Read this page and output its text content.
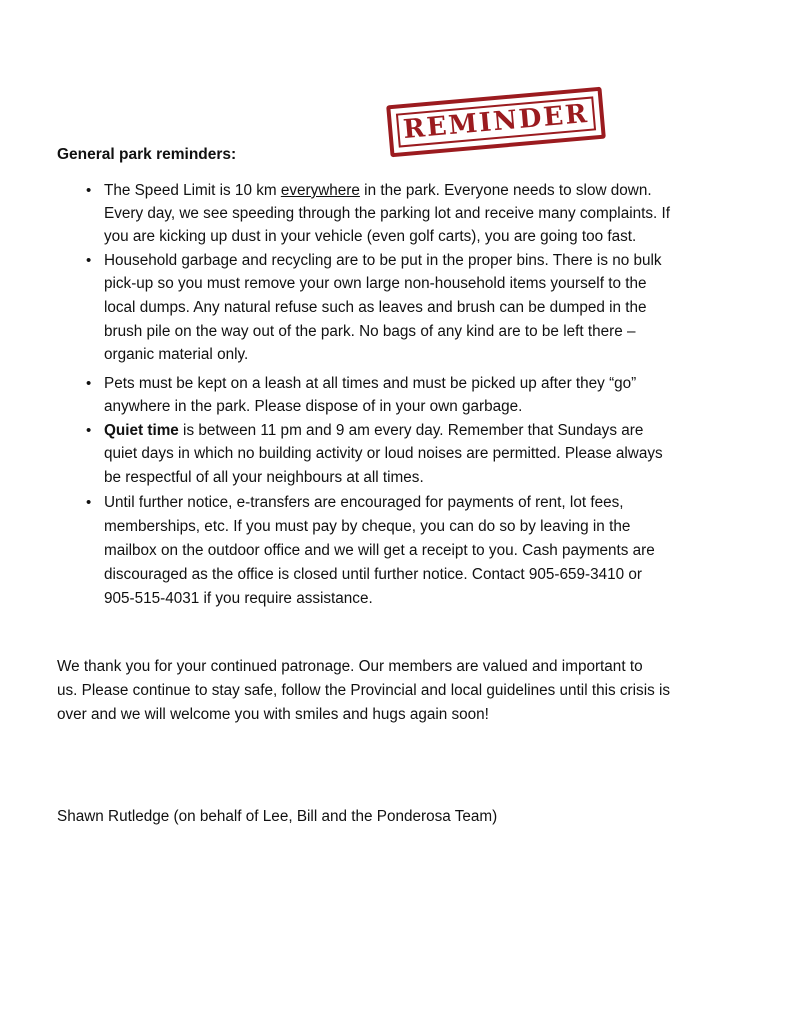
REMINDER
General park reminders:
• The Speed Limit is 10 km everywhere in the park. Everyone needs to slow down.
Every day, we see speeding through the parking lot and receive many complaints. If
you are kicking up dust in your vehicle (even golf carts), you are going too fast.
• Household garbage and recycling are to be put in the proper bins. There is no bulk
pick-up so you must remove your own large non-household items yourself to the
local dumps. Any natural refuse such as leaves and brush can be dumped in the
brush pile on the way out of the park. No bags of any kind are to be left there –
organic material only.
• Pets must be kept on a leash at all times and must be picked up after they “go”
anywhere in the park. Please dispose of in your own garbage.
• Quiet time is between 11 pm and 9 am every day. Remember that Sundays are
quiet days in which no building activity or loud noises are permitted. Please always
be respectful of all your neighbours at all times.
• Until further notice, e-transfers are encouraged for payments of rent, lot fees,
memberships, etc. If you must pay by cheque, you can do so by leaving in the
mailbox on the outdoor office and we will get a receipt to you. Cash payments are
discouraged as the office is closed until further notice. Contact 905-659-3410 or
905-515-4031 if you require assistance.
We thank you for your continued patronage. Our members are valued and important to
us. Please continue to stay safe, follow the Provincial and local guidelines until this crisis is
over and we will welcome you with smiles and hugs again soon!
Shawn Rutledge (on behalf of Lee, Bill and the Ponderosa Team)
